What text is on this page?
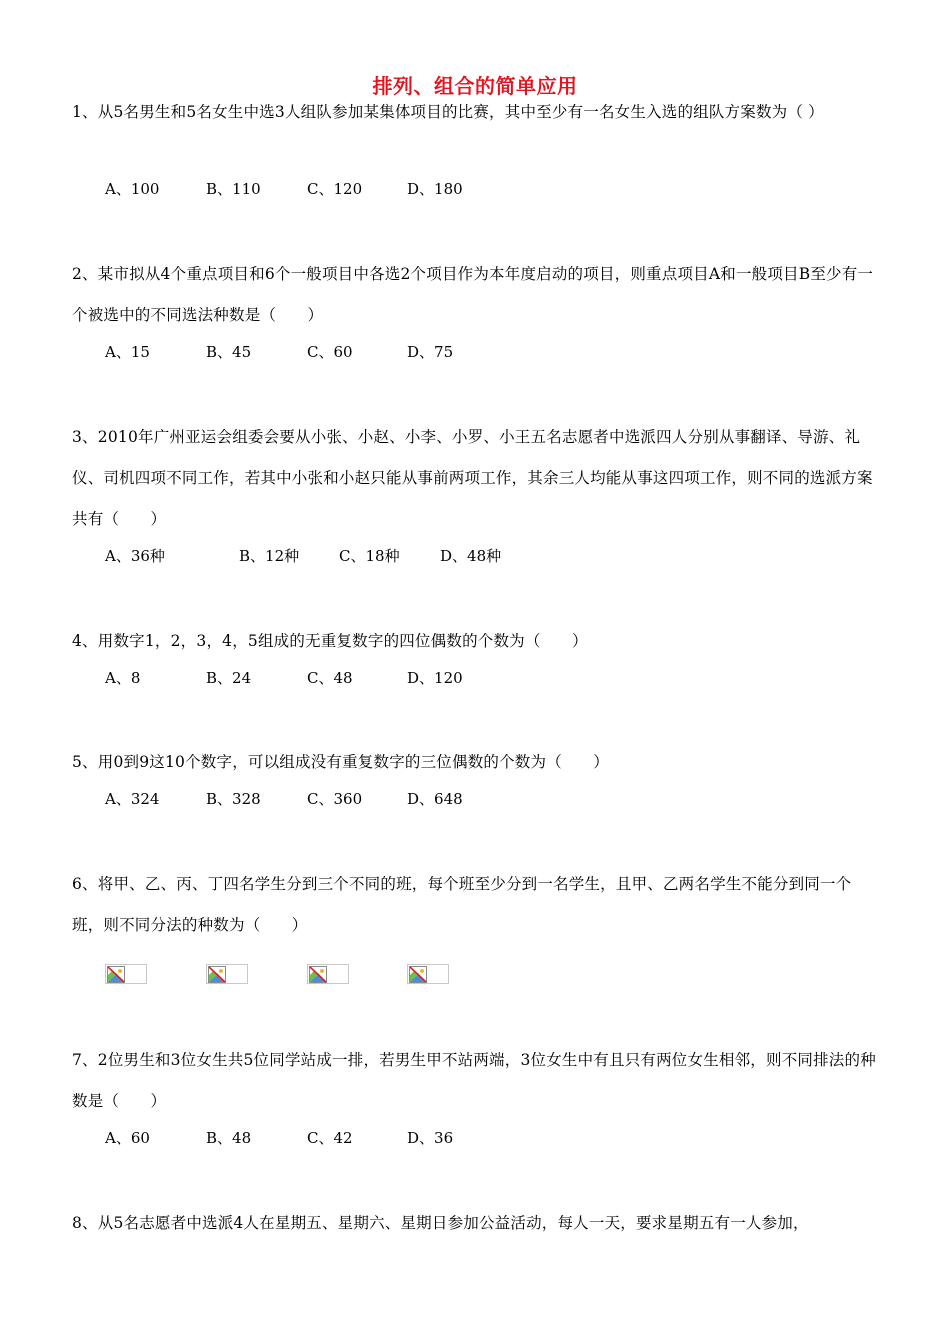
排列、组合的简单应用

1、从5名男生和5名女生中选3人组队参加某集体项目的比赛，其中至少有一名女生入选的组队方案数为（ ）

A、100	B、110	C、120	D、180

2、某市拟从4个重点项目和6个一般项目中各选2个项目作为本年度启动的项目，则重点项目A和一般项目B至少有一个被选中的不同选法种数是（　　）

A、15	B、45	C、60	D、75

3、2010年广州亚运会组委会要从小张、小赵、小李、小罗、小王五名志愿者中选派四人分别从事翻译、导游、礼仪、司机四项不同工作，若其中小张和小赵只能从事前两项工作，其余三人均能从事这四项工作，则不同的选派方案共有（　　）

A、36种	B、12种	C、18种	D、48种

4、用数字1，2，3，4，5组成的无重复数字的四位偶数的个数为（　　）

A、8	B、24	C、48	D、120

5、用0到9这10个数字，可以组成没有重复数字的三位偶数的个数为（　　）

A、324	B、328	C、360	D、648

6、将甲、乙、丙、丁四名学生分到三个不同的班，每个班至少分到一名学生，且甲、乙两名学生不能分到同一个班，则不同分法的种数为（　　）

7、2位男生和3位女生共5位同学站成一排，若男生甲不站两端，3位女生中有且只有两位女生相邻，则不同排法的种数是（　　）

A、60	B、48	C、42	D、36

8、从5名志愿者中选派4人在星期五、星期六、星期日参加公益活动，每人一天，要求星期五有一人参加，
